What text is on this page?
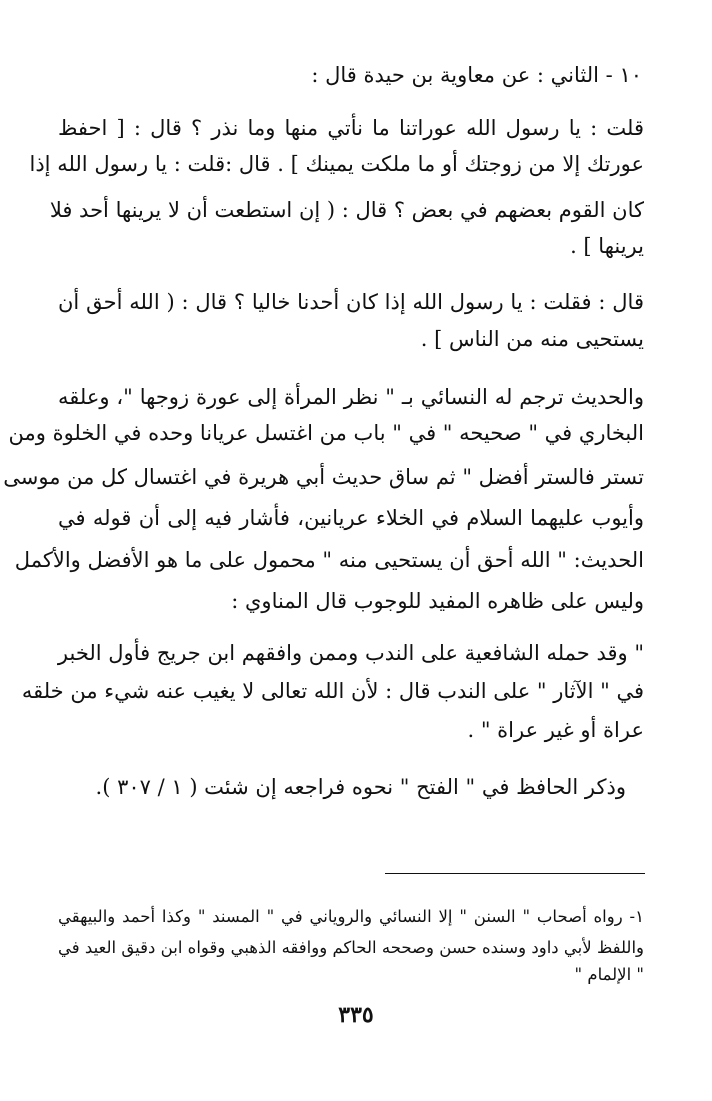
١٠ - الثاني : عن معاوية بن حيدة قال :
قلت : يا رسول الله عوراتنا ما نأتي منها وما نذر ؟ قال : [ احفظ
عورتك إلا من زوجتك أو ما ملكت يمينك ] . قال :قلت : يا رسول الله إذا
كان القوم بعضهم في بعض ؟ قال : ( إن استطعت أن لا يرينها أحد فلا
يرينها ] .
قال : فقلت : يا رسول الله إذا كان أحدنا خاليا ؟ قال : ( الله أحق أن
يستحيى منه من الناس ] .
والحديث ترجم له النسائي بـ " نظر المرأة إلى عورة زوجها "، وعلقه
البخاري في " صحيحه " في " باب من اغتسل عريانا وحده في الخلوة ومن
تستر فالستر أفضل " ثم ساق حديث أبي هريرة في اغتسال كل من موسى
وأيوب عليهما السلام في الخلاء عريانين، فأشار فيه إلى أن قوله في
الحديث: " الله أحق أن يستحيى منه " محمول على ما هو الأفضل والأكمل
وليس على ظاهره المفيد للوجوب قال المناوي :
" وقد حمله الشافعية على الندب وممن وافقهم ابن جريج فأول الخبر
في " الآثار " على الندب قال : لأن الله تعالى لا يغيب عنه شيء من خلقه
عراة أو غير عراة " .
وذكر الحافظ في " الفتح " نحوه فراجعه إن شئت ( ١ / ٣٠٧ ).
١- رواه أصحاب " السنن " إلا النسائي والروياني في " المسند " وكذا أحمد والبيهقي
واللفظ لأبي داود وسنده حسن وصححه الحاكم ووافقه الذهبي وقواه ابن دقيق العيد في
" الإلمام "
٣٣٥
